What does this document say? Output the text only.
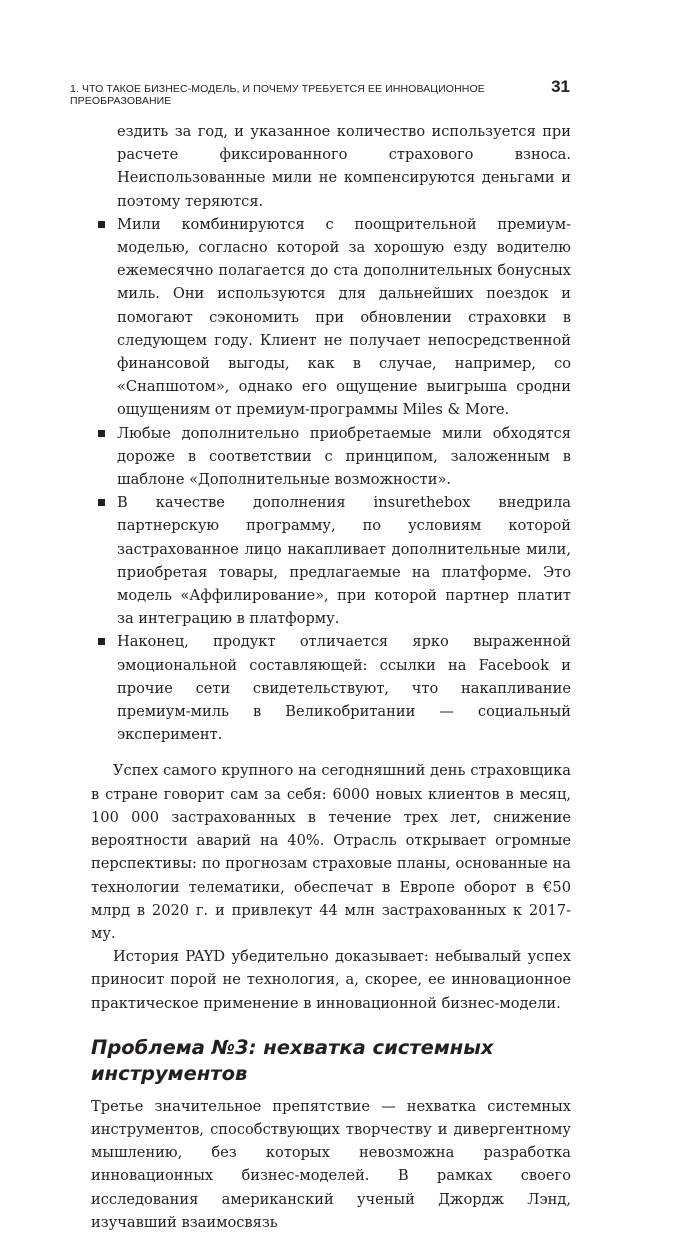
1. ЧТО ТАКОЕ БИЗНЕС-МОДЕЛЬ, И ПОЧЕМУ ТРЕБУЕТСЯ ЕЕ ИННОВАЦИОННОЕ ПРЕОБРАЗОВАНИЕ
31

ездить за год, и указанное количество используется при расчете фиксированного страхового взноса. Неиспользованные мили не компенсируются деньгами и поэтому теряются.

Мили комбинируются с поощрительной премиум-моделью, согласно которой за хорошую езду водителю ежемесячно полагается до ста дополнительных бонусных миль. Они используются для дальнейших поездок и помогают сэкономить при обновлении страховки в следующем году. Клиент не получает непосредственной финансовой выгоды, как в случае, например, со «Снапшотом», однако его ощущение выигрыша сродни ощущениям от премиум-программы Miles & More.
Любые дополнительно приобретаемые мили обходятся дороже в соответствии с принципом, заложенным в шаблоне «Дополнительные возможности».
В качестве дополнения insurethebox внедрила партнерскую программу, по условиям которой застрахованное лицо накапливает дополнительные мили, приобретая товары, предлагаемые на платформе. Это модель «Аффилирование», при которой партнер платит за интеграцию в платформу.
Наконец, продукт отличается ярко выраженной эмоциональной составляющей: ссылки на Facebook и прочие сети свидетельствуют, что накапливание премиум-миль в Великобритании — социальный эксперимент.

Успех самого крупного на сегодняшний день страховщика в стране говорит сам за себя: 6000 новых клиентов в месяц, 100 000 застрахованных в течение трех лет, снижение вероятности аварий на 40%. Отрасль открывает огромные перспективы: по прогнозам страховые планы, основанные на технологии телематики, обеспечат в Европе оборот в €50 млрд в 2020 г. и привлекут 44 млн застрахованных к 2017-му.

История PAYD убедительно доказывает: небывалый успех приносит порой не технология, а, скорее, ее инновационное практическое применение в инновационной бизнес-модели.

Проблема №3: нехватка системных инструментов

Третье значительное препятствие — нехватка системных инструментов, способствующих творчеству и дивергентному мышлению, без которых невозможна разработка инновационных бизнес-моделей. В рамках своего исследования американский ученый Джордж Лэнд, изучавший взаимосвязь
